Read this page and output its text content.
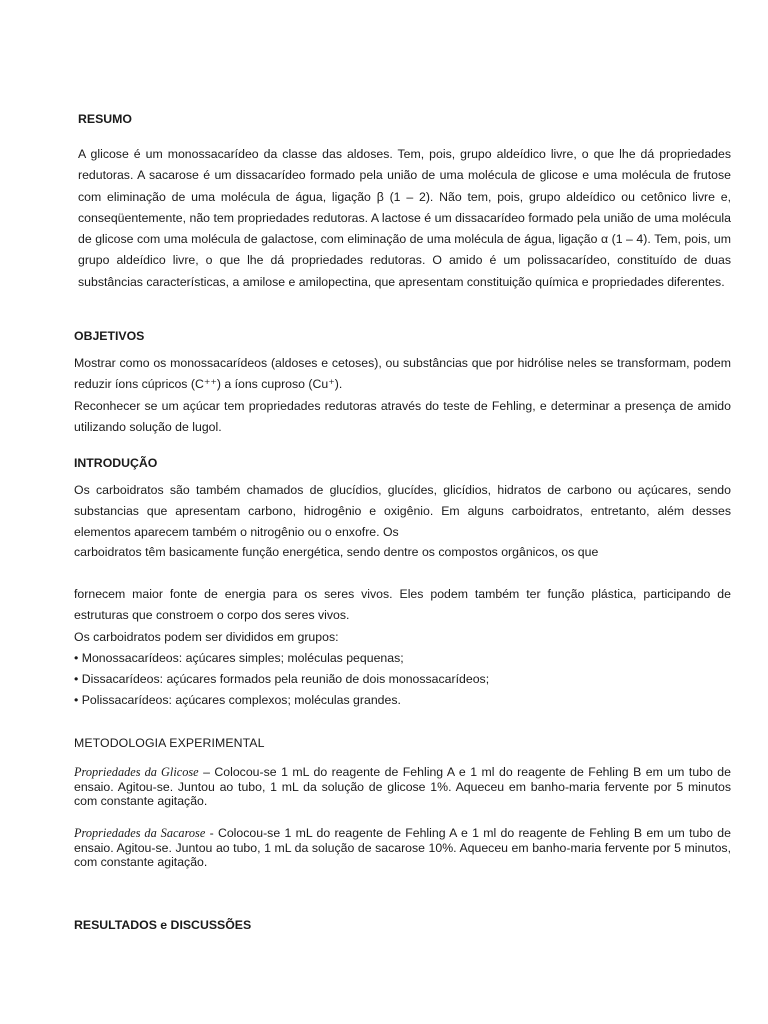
RESUMO

A glicose é um monossacarídeo da classe das aldoses. Tem, pois, grupo aldeídico livre, o que lhe dá propriedades redutoras. A sacarose é um dissacarídeo formado pela união de uma molécula de glicose e uma molécula de frutose com eliminação de uma molécula de água, ligação β (1 – 2). Não tem, pois, grupo aldeídico ou cetônico livre e, conseqüentemente, não tem propriedades redutoras. A lactose é um dissacarídeo formado pela união de uma molécula de glicose com uma molécula de galactose, com eliminação de uma molécula de água, ligação α (1 – 4). Tem, pois, um grupo aldeídico livre, o que lhe dá propriedades redutoras. O amido é um polissacarídeo, constituído de duas substâncias características, a amilose e amilopectina, que apresentam constituição química e propriedades diferentes.

OBJETIVOS

Mostrar como os monossacarídeos (aldoses e cetoses), ou substâncias que por hidrólise neles se transformam, podem reduzir íons cúpricos (C⁺⁺) a íons cuproso (Cu⁺).

Reconhecer se um açúcar tem propriedades redutoras através do teste de Fehling, e determinar a presença de amido utilizando solução de lugol.

INTRODUÇÃO

Os carboidratos são também chamados de glucídios, glucídes, glicídios, hidratos de carbono ou açúcares, sendo substancias que apresentam carbono, hidrogênio e oxigênio. Em alguns carboidratos, entretanto, além desses elementos aparecem também o nitrogênio ou o enxofre. Os

carboidratos têm basicamente função energética, sendo dentre os compostos orgânicos, os que

fornecem maior fonte de energia para os seres vivos. Eles podem também ter função plástica, participando de estruturas que constroem o corpo dos seres vivos.

Os carboidratos podem ser divididos em grupos:

• Monossacarídeos: açúcares simples; moléculas pequenas;

• Dissacarídeos: açúcares formados pela reunião de dois monossacarídeos;

• Polissacarídeos: açúcares complexos; moléculas grandes.

METODOLOGIA EXPERIMENTAL

Propriedades da Glicose – Colocou-se 1 mL do reagente de Fehling A e 1 ml do reagente de Fehling B em um tubo de ensaio. Agitou-se. Juntou ao tubo, 1 mL da solução de glicose 1%. Aqueceu em banho-maria fervente por 5 minutos com constante agitação.

Propriedades da Sacarose - Colocou-se 1 mL do reagente de Fehling A e 1 ml do reagente de Fehling B em um tubo de ensaio. Agitou-se. Juntou ao tubo, 1 mL da solução de sacarose 10%. Aqueceu em banho-maria fervente por 5 minutos, com constante agitação.

RESULTADOS e DISCUSSÕES
